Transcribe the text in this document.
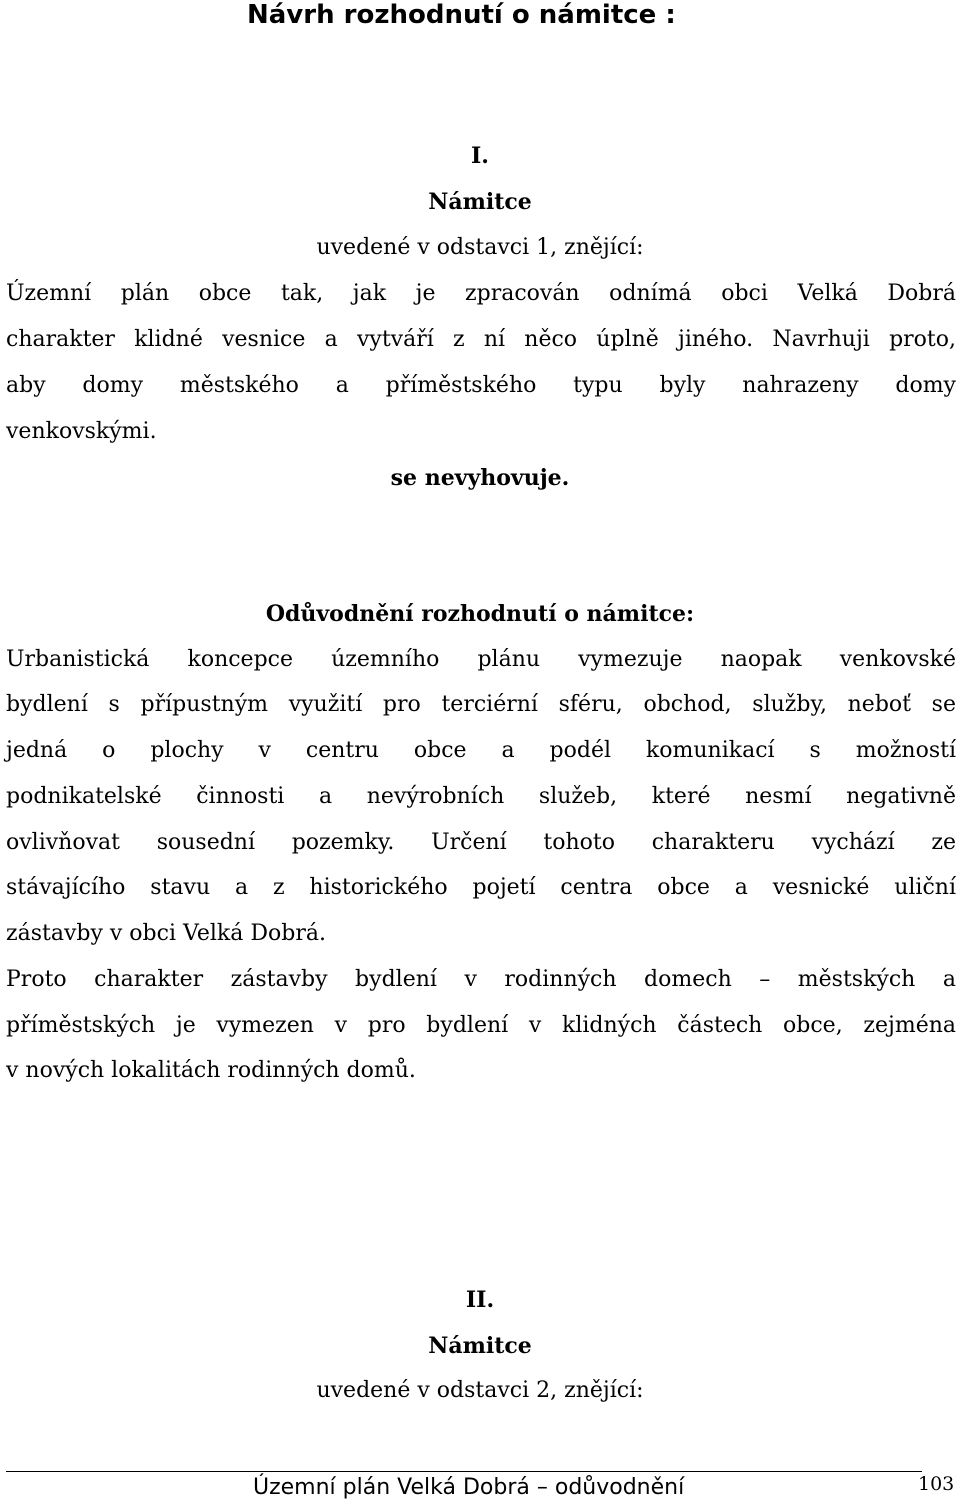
Návrh rozhodnutí o námitce :
I.
Námitce
uvedené v odstavci 1, znějící:
Územní plán obce tak, jak je zpracován odnímá obci Velká Dobrá
charakter klidné vesnice a vytváří z ní něco úplně jiného. Navrhuji proto,
aby domy městského a příměstského typu byly nahrazeny domy
venkovskými.
se nevyhovuje.
Odůvodnění rozhodnutí o námitce:
Urbanistická koncepce územního plánu vymezuje naopak venkovské
bydlení s přípustným využití pro terciérní sféru, obchod, služby, neboť se
jedná o plochy v centru obce a podél komunikací s možností
podnikatelské činnosti a nevýrobních služeb, které nesmí negativně
ovlivňovat sousední pozemky. Určení tohoto charakteru vychází ze
stávajícího stavu a z historického pojetí centra obce a vesnické uliční
zástavby v obci Velká Dobrá.
Proto charakter zástavby bydlení v rodinných domech – městských a
příměstských je vymezen v pro bydlení v klidných částech obce, zejména
v nových lokalitách rodinných domů.
II.
Námitce
uvedené v odstavci 2, znějící:
Územní plán Velká Dobrá – odůvodnění	103
